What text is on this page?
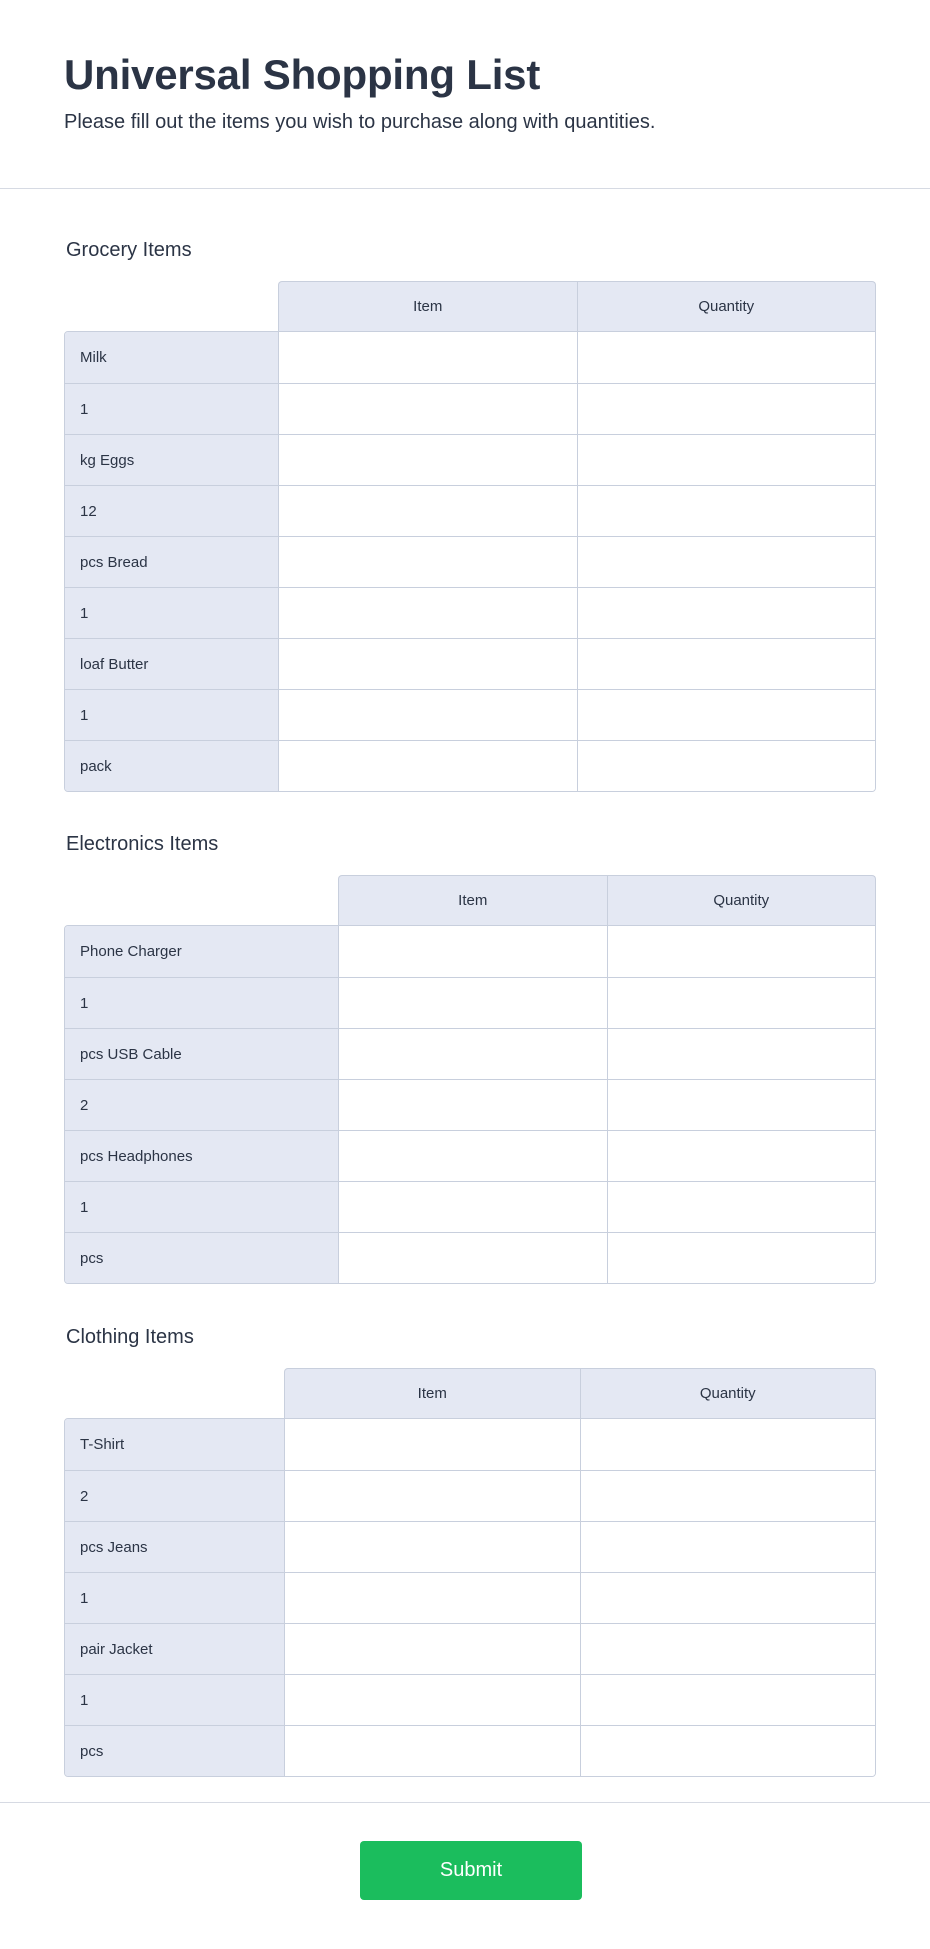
Universal Shopping List

Please fill out the items you wish to purchase along with quantities.

Grocery Items
Item	Quantity
Milk
1
kg Eggs
12
pcs Bread
1
loaf Butter
1
pack
Electronics Items
Item	Quantity
Phone Charger
1
pcs USB Cable
2
pcs Headphones
1
pcs
Clothing Items
Item	Quantity
T-Shirt
2
pcs Jeans
1
pair Jacket
1
pcs
Submit
